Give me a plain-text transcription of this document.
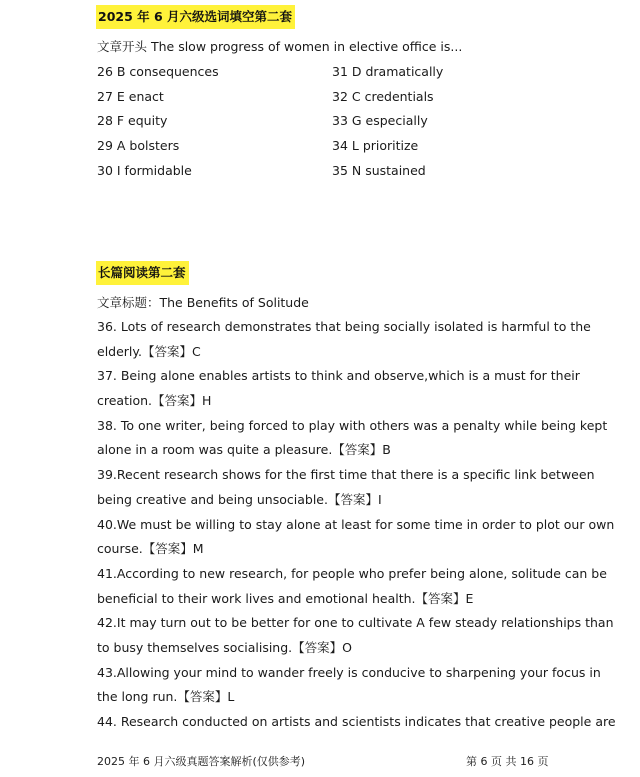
2025 年 6 月六级选词填空第二套
文章开头 The slow progress of women in elective office is...
26 B consequences
27 E enact
28 F equity
29 A bolsters
30 I formidable
31 D dramatically
32 C credentials
33 G especially
34 L prioritize
35 N sustained
长篇阅读第二套
文章标题：The Benefits of Solitude
36. Lots of research demonstrates that being socially isolated is harmful to the
elderly.【答案】C
37. Being alone enables artists to think and observe,which is a must for their
creation.【答案】H
38. To one writer, being forced to play with others was a penalty while being kept
alone in a room was quite a pleasure.【答案】B
39.Recent research shows for the first time that there is a specific link between
being creative and being unsociable.【答案】I
40.We must be willing to stay alone at least for some time in order to plot our own
course.【答案】M
41.According to new research, for people who prefer being alone, solitude can be
beneficial to their work lives and emotional health.【答案】E
42.It may turn out to be better for one to cultivate A few steady relationships than
to busy themselves socialising.【答案】O
43.Allowing your mind to wander freely is conducive to sharpening your focus in
the long run.【答案】L
44. Research conducted on artists and scientists indicates that creative people are
2025 年 6 月六级真题答案解析(仅供参考)	第 6 页 共 16 页
